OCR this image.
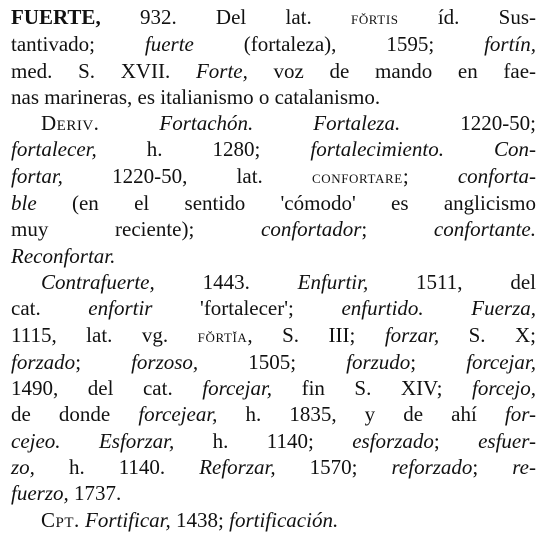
FUERTE, 932. Del lat. fŏrtis íd. Sus-
tantivado; fuerte (fortaleza), 1595; fortín,
med. S. XVII. Forte, voz de mando en fae-
nas marineras, es italianismo o catalanismo.
Deriv.	Fortachón.	Fortaleza. 1220-50;
fortalecer, h. 1280; fortalecimiento. Con-
fortar, 1220-50, lat. confortare; conforta-
ble (en el sentido 'cómodo' es anglicismo
muy reciente); confortador; confortante.
Reconfortar.
Contrafuerte, 1443. Enfurtir, 1511, del
cat. enfortir 'fortalecer'; enfurtido. Fuerza,
1115, lat. vg. fŏrtĭa, S. III; forzar, S. X;
forzado; forzoso, 1505; forzudo; forcejar,
1490, del cat. forcejar, fin S. XIV; forcejo,
de donde forcejear, h. 1835, y de ahí for-
cejeo. Esforzar, h. 1140; esforzado; esfuer-
zo, h. 1140. Reforzar, 1570; reforzado; re-
fuerzo, 1737.
Cpt. Fortificar, 1438; fortificación.
